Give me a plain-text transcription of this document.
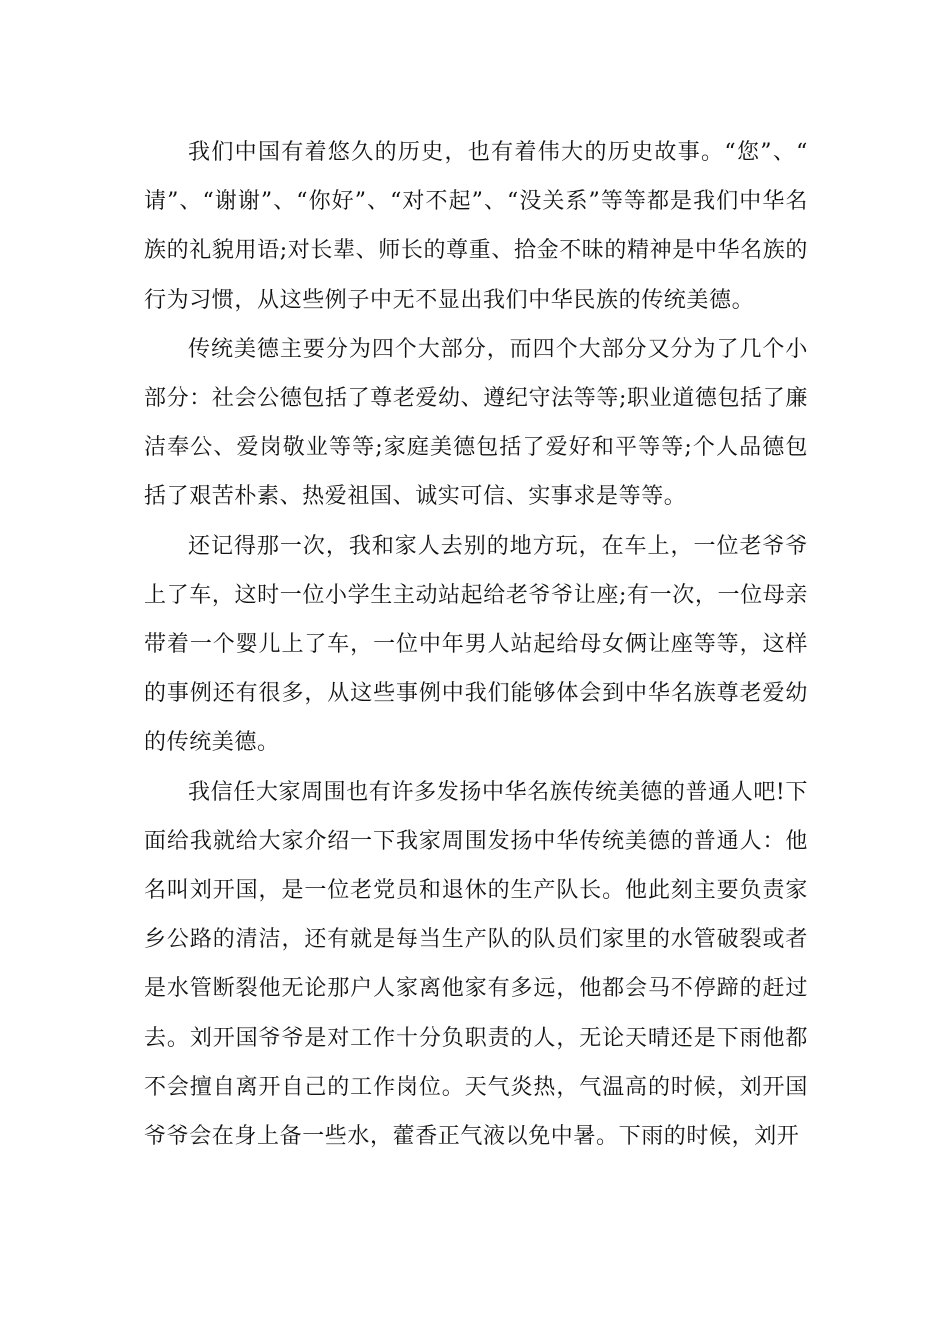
我们中国有着悠久的历史，也有着伟大的历史故事。“您”、“请”、“谢谢”、“你好”、“对不起”、“没关系”等等都是我们中华名族的礼貌用语;对长辈、师长的尊重、拾金不昧的精神是中华名族的行为习惯，从这些例子中无不显出我们中华民族的传统美德。

传统美德主要分为四个大部分，而四个大部分又分为了几个小部分：社会公德包括了尊老爱幼、遵纪守法等等;职业道德包括了廉洁奉公、爱岗敬业等等;家庭美德包括了爱好和平等等;个人品德包括了艰苦朴素、热爱祖国、诚实可信、实事求是等等。

还记得那一次，我和家人去别的地方玩，在车上，一位老爷爷上了车，这时一位小学生主动站起给老爷爷让座;有一次，一位母亲带着一个婴儿上了车，一位中年男人站起给母女俩让座等等，这样的事例还有很多，从这些事例中我们能够体会到中华名族尊老爱幼的传统美德。

我信任大家周围也有许多发扬中华名族传统美德的普通人吧!下面给我就给大家介绍一下我家周围发扬中华传统美德的普通人：他名叫刘开国，是一位老党员和退休的生产队长。他此刻主要负责家乡公路的清洁，还有就是每当生产队的队员们家里的水管破裂或者是水管断裂他无论那户人家离他家有多远，他都会马不停蹄的赶过去。刘开国爷爷是对工作十分负职责的人，无论天晴还是下雨他都不会擅自离开自己的工作岗位。天气炎热，气温高的时候，刘开国爷爷会在身上备一些水，藿香正气液以免中暑。下雨的时候，刘开
